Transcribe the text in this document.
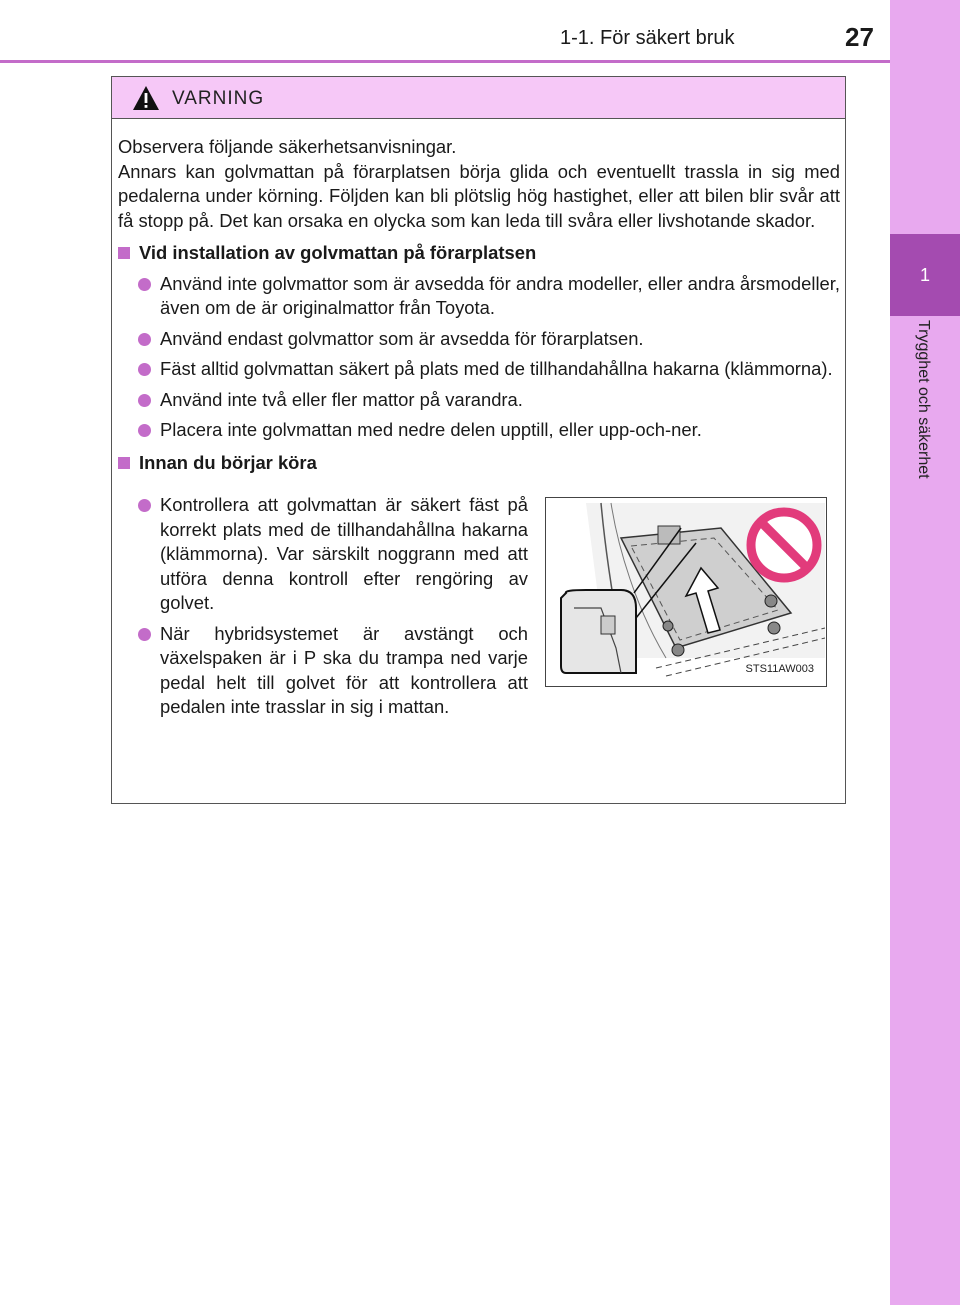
1
Trygghet och säkerhet
1-1. För säkert bruk	27
VARNING

Observera följande säkerhetsanvisningar.

Annars kan golvmattan på förarplatsen börja glida och eventuellt trassla in sig med pedalerna under körning. Följden kan bli plötslig hög hastighet, eller att bilen blir svår att få stopp på. Det kan orsaka en olycka som kan leda till svåra eller livshotande skador.

Vid installation av golvmattan på förarplatsen
Använd inte golvmattor som är avsedda för andra modeller, eller andra årsmodeller, även om de är originalmattor från Toyota.
Använd endast golvmattor som är avsedda för förarplatsen.
Fäst alltid golvmattan säkert på plats med de tillhandahållna hakarna (klämmorna).
Använd inte två eller fler mattor på varandra.
Placera inte golvmattan med nedre delen upptill, eller upp-och-ner.
Innan du börjar köra
Kontrollera att golvmattan är säkert fäst på korrekt plats med de tillhandahållna hakarna (klämmorna). Var särskilt noggrann med att utföra denna kontroll efter rengöring av golvet.
När hybridsystemet är avstängt och växelspaken är i P ska du trampa ned varje pedal helt till golvet för att kontrollera att pedalen inte trasslar in sig i mattan.
STS11AW003
